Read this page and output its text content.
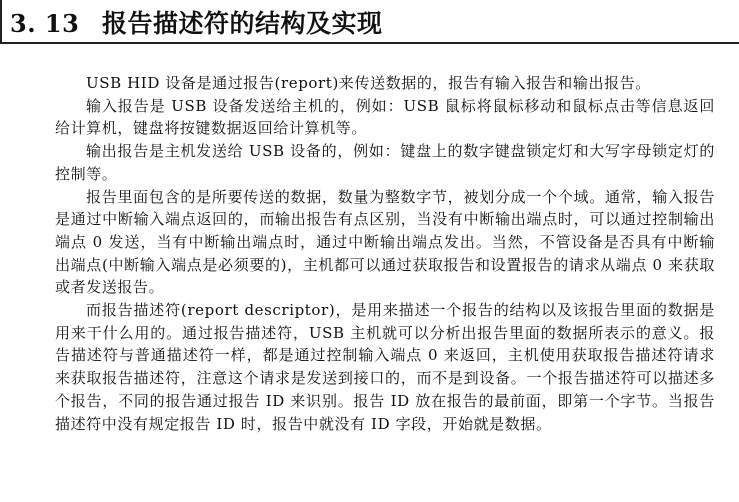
3. 13 报告描述符的结构及实现

USB HID 设备是通过报告(report)来传送数据的，报告有输入报告和输出报告。

输入报告是 USB 设备发送给主机的，例如：USB 鼠标将鼠标移动和鼠标点击等信息返回给计算机，键盘将按键数据返回给计算机等。

输出报告是主机发送给 USB 设备的，例如：键盘上的数字键盘锁定灯和大写字母锁定灯的控制等。

报告里面包含的是所要传送的数据，数量为整数字节，被划分成一个个域。通常，输入报告是通过中断输入端点返回的，而输出报告有点区别，当没有中断输出端点时，可以通过控制输出端点 0 发送，当有中断输出端点时，通过中断输出端点发出。当然，不管设备是否具有中断输出端点(中断输入端点是必须要的)，主机都可以通过获取报告和设置报告的请求从端点 0 来获取或者发送报告。

而报告描述符(report descriptor)，是用来描述一个报告的结构以及该报告里面的数据是用来干什么用的。通过报告描述符，USB 主机就可以分析出报告里面的数据所表示的意义。报告描述符与普通描述符一样，都是通过控制输入端点 0 来返回，主机使用获取报告描述符请求来获取报告描述符，注意这个请求是发送到接口的，而不是到设备。一个报告描述符可以描述多个报告，不同的报告通过报告 ID 来识别。报告 ID 放在报告的最前面，即第一个字节。当报告描述符中没有规定报告 ID 时，报告中就没有 ID 字段，开始就是数据。
